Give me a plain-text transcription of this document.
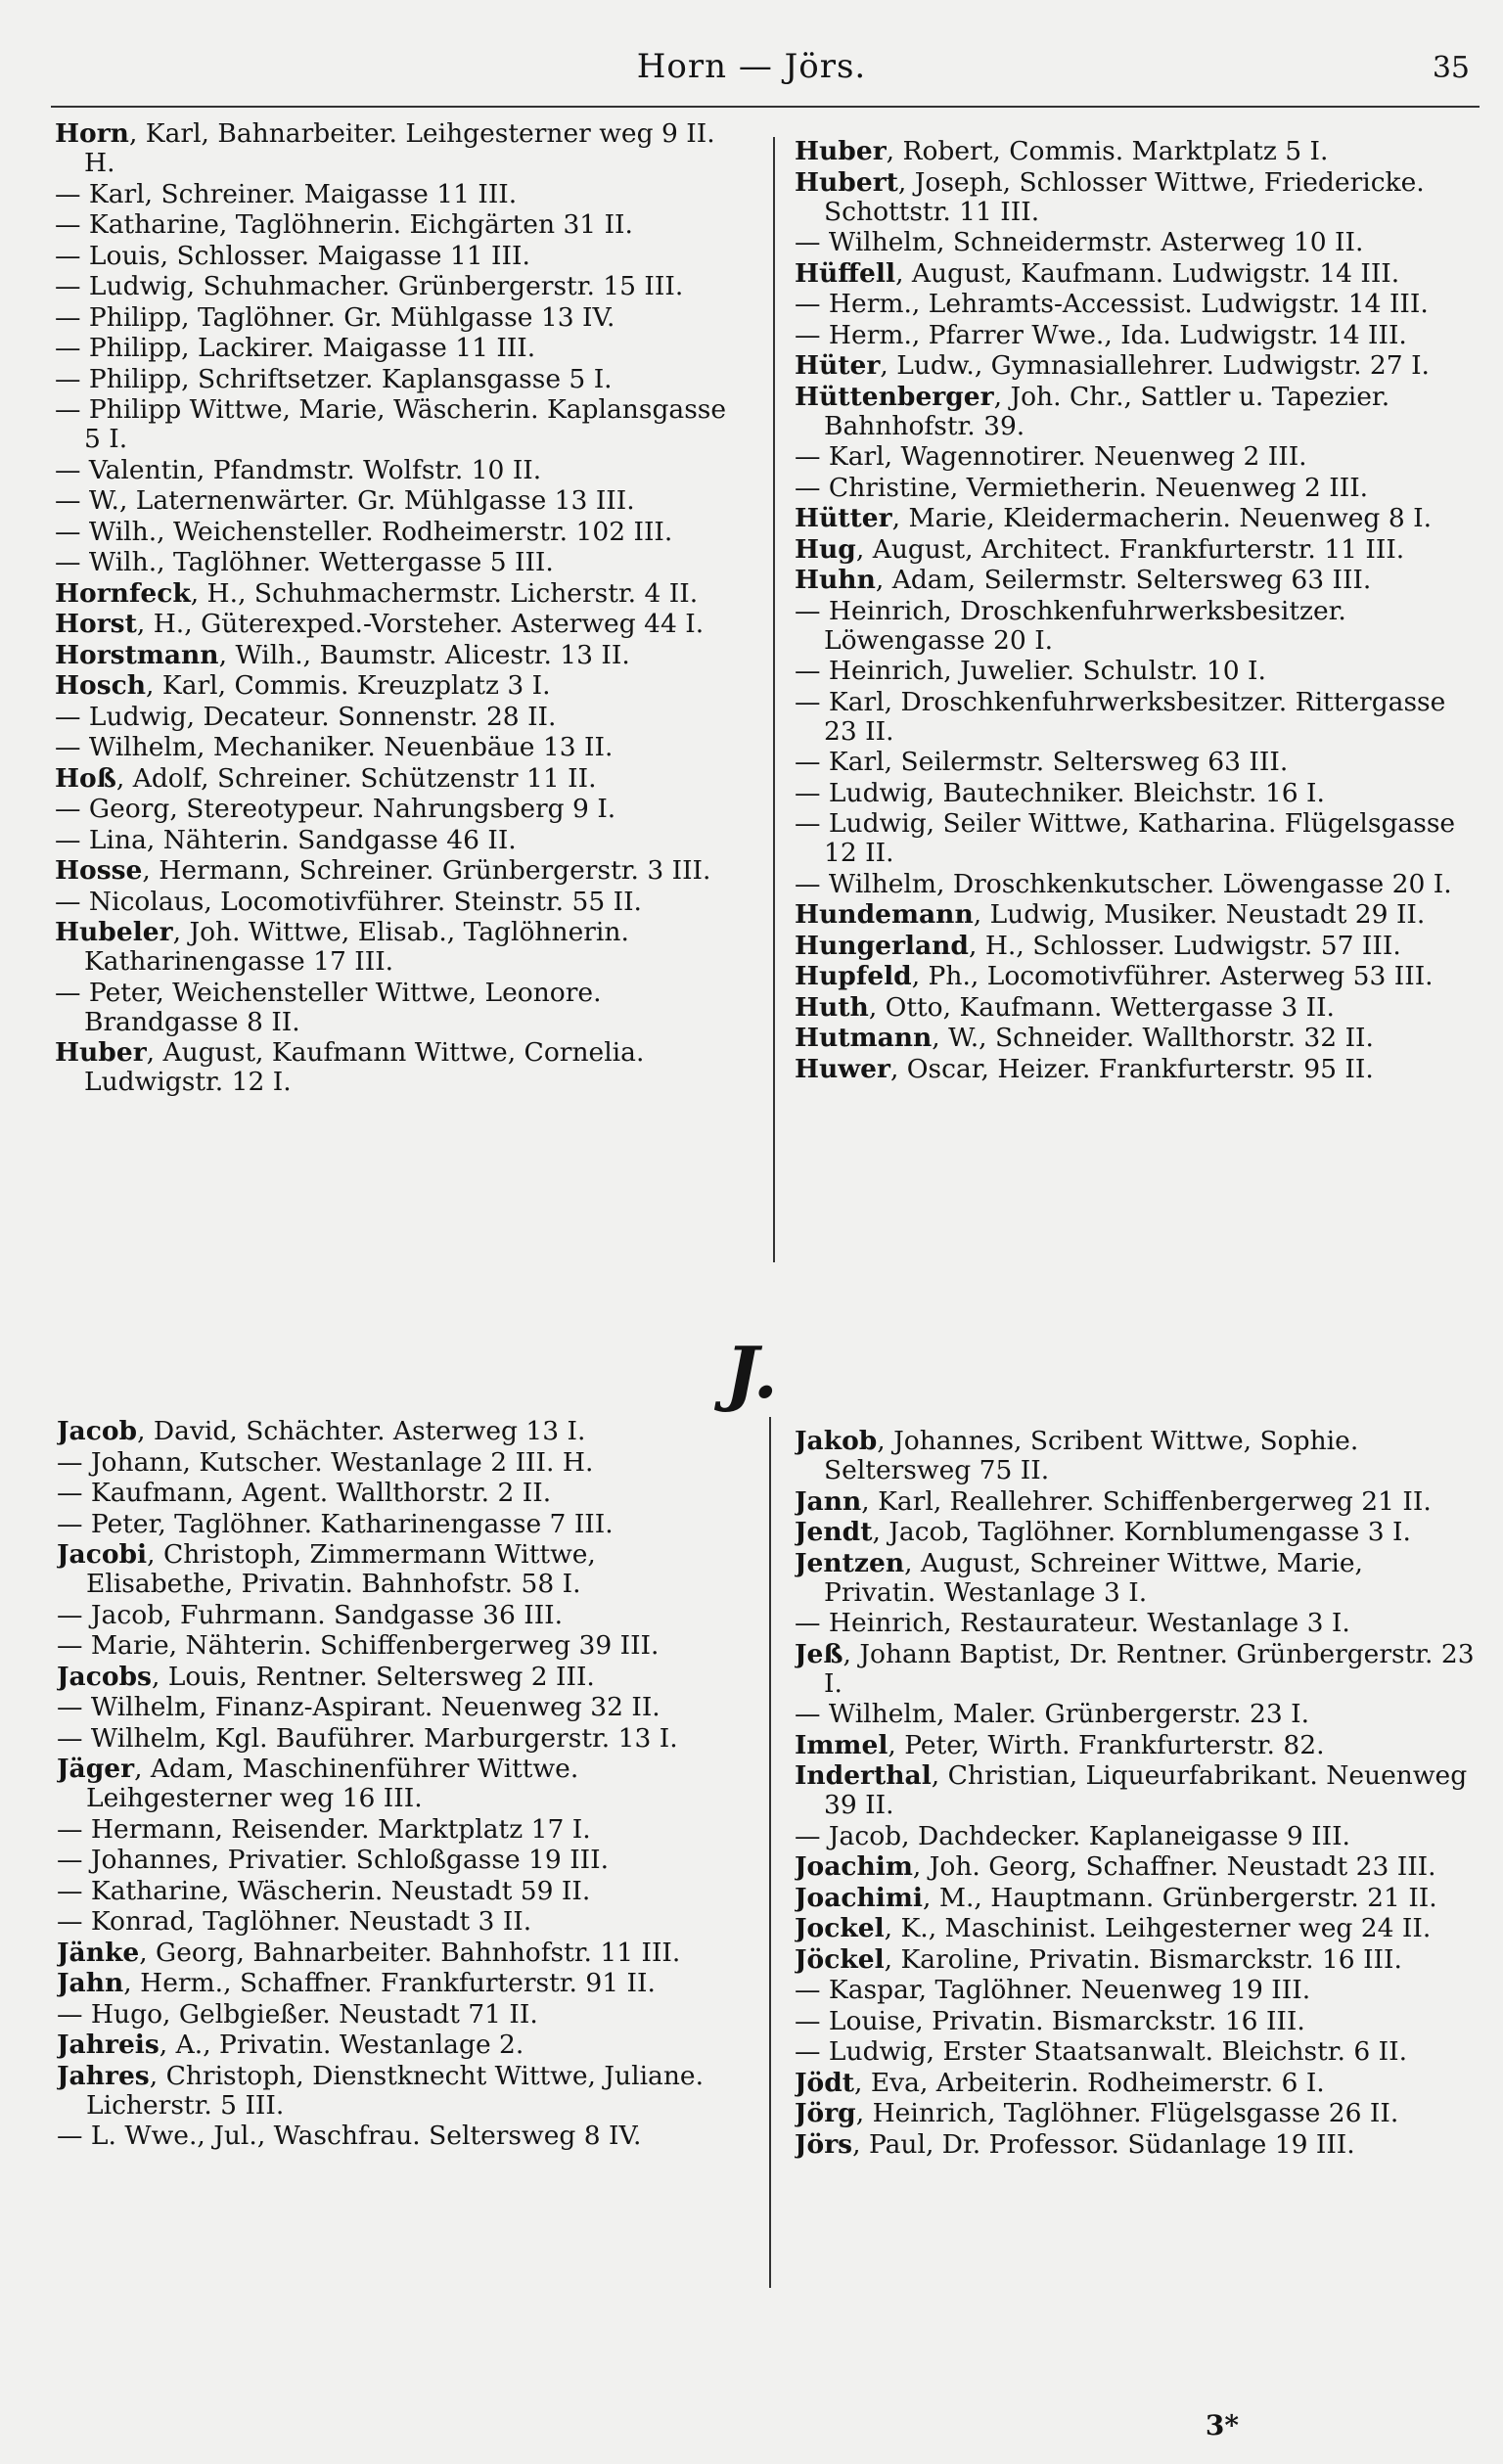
Horn — Jörs.	35
Horn, Karl, Bahnarbeiter. Leihgesterner weg 9 II. H.
— Karl, Schreiner. Maigasse 11 III.
— Katharine, Taglöhnerin. Eichgärten 31 II.
— Louis, Schlosser. Maigasse 11 III.
— Ludwig, Schuhmacher. Grünbergerstr. 15 III.
— Philipp, Taglöhner. Gr. Mühlgasse 13 IV.
— Philipp, Lackirer. Maigasse 11 III.
— Philipp, Schriftsetzer. Kaplansgasse 5 I.
— Philipp Wittwe, Marie, Wäscherin. Kaplansgasse 5 I.
— Valentin, Pfandmstr. Wolfstr. 10 II.
— W., Laternenwärter. Gr. Mühlgasse 13 III.
— Wilh., Weichensteller. Rodheimerstr. 102 III.
— Wilh., Taglöhner. Wettergasse 5 III.
Hornfeck, H., Schuhmachermstr. Licherstr. 4 II.
Horst, H., Güterexped.-Vorsteher. Asterweg 44 I.
Horstmann, Wilh., Baumstr. Alicestr. 13 II.
Hosch, Karl, Commis. Kreuzplatz 3 I.
— Ludwig, Decateur. Sonnenstr. 28 II.
— Wilhelm, Mechaniker. Neuenbäue 13 II.
Hoß, Adolf, Schreiner. Schützenstr 11 II.
— Georg, Stereotypeur. Nahrungsberg 9 I.
— Lina, Nähterin. Sandgasse 46 II.
Hosse, Hermann, Schreiner. Grünbergerstr. 3 III.
— Nicolaus, Locomotivführer. Steinstr. 55 II.
Hubeler, Joh. Wittwe, Elisab., Taglöhnerin. Katharinengasse 17 III.
— Peter, Weichensteller Wittwe, Leonore. Brandgasse 8 II.
Huber, August, Kaufmann Wittwe, Cornelia. Ludwigstr. 12 I.
Huber, Robert, Commis. Marktplatz 5 I.
Hubert, Joseph, Schlosser Wittwe, Friedericke. Schottstr. 11 III.
— Wilhelm, Schneidermstr. Asterweg 10 II.
Hüffell, August, Kaufmann. Ludwigstr. 14 III.
— Herm., Lehramts-Accessist. Ludwigstr. 14 III.
— Herm., Pfarrer Wwe., Ida. Ludwigstr. 14 III.
Hüter, Ludw., Gymnasiallehrer. Ludwigstr. 27 I.
Hüttenberger, Joh. Chr., Sattler u. Tapezier. Bahnhofstr. 39.
— Karl, Wagennotirer. Neuenweg 2 III.
— Christine, Vermietherin. Neuenweg 2 III.
Hütter, Marie, Kleidermacherin. Neuenweg 8 I.
Hug, August, Architect. Frankfurterstr. 11 III.
Huhn, Adam, Seilermstr. Seltersweg 63 III.
— Heinrich, Droschkenfuhrwerksbesitzer. Löwengasse 20 I.
— Heinrich, Juwelier. Schulstr. 10 I.
— Karl, Droschkenfuhrwerksbesitzer. Rittergasse 23 II.
— Karl, Seilermstr. Seltersweg 63 III.
— Ludwig, Bautechniker. Bleichstr. 16 I.
— Ludwig, Seiler Wittwe, Katharina. Flügelsgasse 12 II.
— Wilhelm, Droschkenkutscher. Löwengasse 20 I.
Hundemann, Ludwig, Musiker. Neustadt 29 II.
Hungerland, H., Schlosser. Ludwigstr. 57 III.
Hupfeld, Ph., Locomotivführer. Asterweg 53 III.
Huth, Otto, Kaufmann. Wettergasse 3 II.
Hutmann, W., Schneider. Wallthorstr. 32 II.
Huwer, Oscar, Heizer. Frankfurterstr. 95 II.
J.
Jacob, David, Schächter. Asterweg 13 I.
— Johann, Kutscher. Westanlage 2 III. H.
— Kaufmann, Agent. Wallthorstr. 2 II.
— Peter, Taglöhner. Katharinengasse 7 III.
Jacobi, Christoph, Zimmermann Wittwe, Elisabethe, Privatin. Bahnhofstr. 58 I.
— Jacob, Fuhrmann. Sandgasse 36 III.
— Marie, Nähterin. Schiffenbergerweg 39 III.
Jacobs, Louis, Rentner. Seltersweg 2 III.
— Wilhelm, Finanz-Aspirant. Neuenweg 32 II.
— Wilhelm, Kgl. Bauführer. Marburgerstr. 13 I.
Jäger, Adam, Maschinenführer Wittwe. Leihgesterner weg 16 III.
— Hermann, Reisender. Marktplatz 17 I.
— Johannes, Privatier. Schloßgasse 19 III.
— Katharine, Wäscherin. Neustadt 59 II.
— Konrad, Taglöhner. Neustadt 3 II.
Jänke, Georg, Bahnarbeiter. Bahnhofstr. 11 III.
Jahn, Herm., Schaffner. Frankfurterstr. 91 II.
— Hugo, Gelbgießer. Neustadt 71 II.
Jahreis, A., Privatin. Westanlage 2.
Jahres, Christoph, Dienstknecht Wittwe, Juliane. Licherstr. 5 III.
— L. Wwe., Jul., Waschfrau. Seltersweg 8 IV.
Jakob, Johannes, Scribent Wittwe, Sophie. Seltersweg 75 II.
Jann, Karl, Reallehrer. Schiffenbergerweg 21 II.
Jendt, Jacob, Taglöhner. Kornblumengasse 3 I.
Jentzen, August, Schreiner Wittwe, Marie, Privatin. Westanlage 3 I.
— Heinrich, Restaurateur. Westanlage 3 I.
Jeß, Johann Baptist, Dr. Rentner. Grünbergerstr. 23 I.
— Wilhelm, Maler. Grünbergerstr. 23 I.
Immel, Peter, Wirth. Frankfurterstr. 82.
Inderthal, Christian, Liqueurfabrikant. Neuenweg 39 II.
— Jacob, Dachdecker. Kaplaneigasse 9 III.
Joachim, Joh. Georg, Schaffner. Neustadt 23 III.
Joachimi, M., Hauptmann. Grünbergerstr. 21 II.
Jockel, K., Maschinist. Leihgesterner weg 24 II.
Jöckel, Karoline, Privatin. Bismarckstr. 16 III.
— Kaspar, Taglöhner. Neuenweg 19 III.
— Louise, Privatin. Bismarckstr. 16 III.
— Ludwig, Erster Staatsanwalt. Bleichstr. 6 II.
Jödt, Eva, Arbeiterin. Rodheimerstr. 6 I.
Jörg, Heinrich, Taglöhner. Flügelsgasse 26 II.
Jörs, Paul, Dr. Professor. Südanlage 19 III.
3*
